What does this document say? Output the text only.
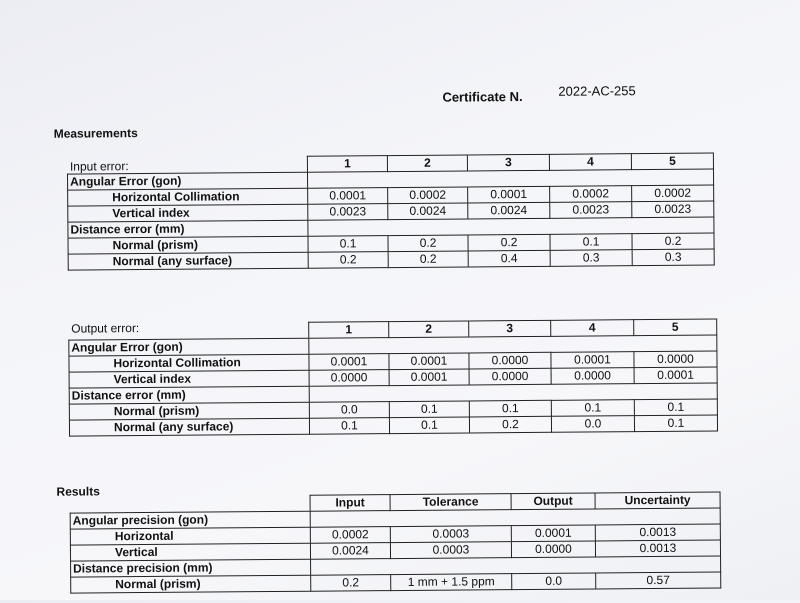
Certificate N.	2022-AC-255
Measurements
Input error:
		1	2	3	4	5
Angular Error (gon)					
Horizontal Collimation	0.0001	0.0002	0.0001	0.0002	0.0002
Vertical index	0.0023	0.0024	0.0024	0.0023	0.0023
Distance error (mm)					
Normal (prism)	0.1	0.2	0.2	0.1	0.2
Normal (any surface)	0.2	0.2	0.4	0.3	0.3
Output error:
		1	2	3	4	5
Angular Error (gon)					
Horizontal Collimation	0.0001	0.0001	0.0000	0.0001	0.0000
Vertical index	0.0000	0.0001	0.0000	0.0000	0.0001
Distance error (mm)					
Normal (prism)	0.0	0.1	0.1	0.1	0.1
Normal (any surface)	0.1	0.1	0.2	0.0	0.1
Results
	Input	Tolerance	Output	Uncertainty
Angular precision (gon)				
Horizontal	0.0002	0.0003	0.0001	0.0013
Vertical	0.0024	0.0003	0.0000	0.0013
Distance precision (mm)				
Normal (prism)	0.2	1 mm + 1.5 ppm	0.0	0.57
